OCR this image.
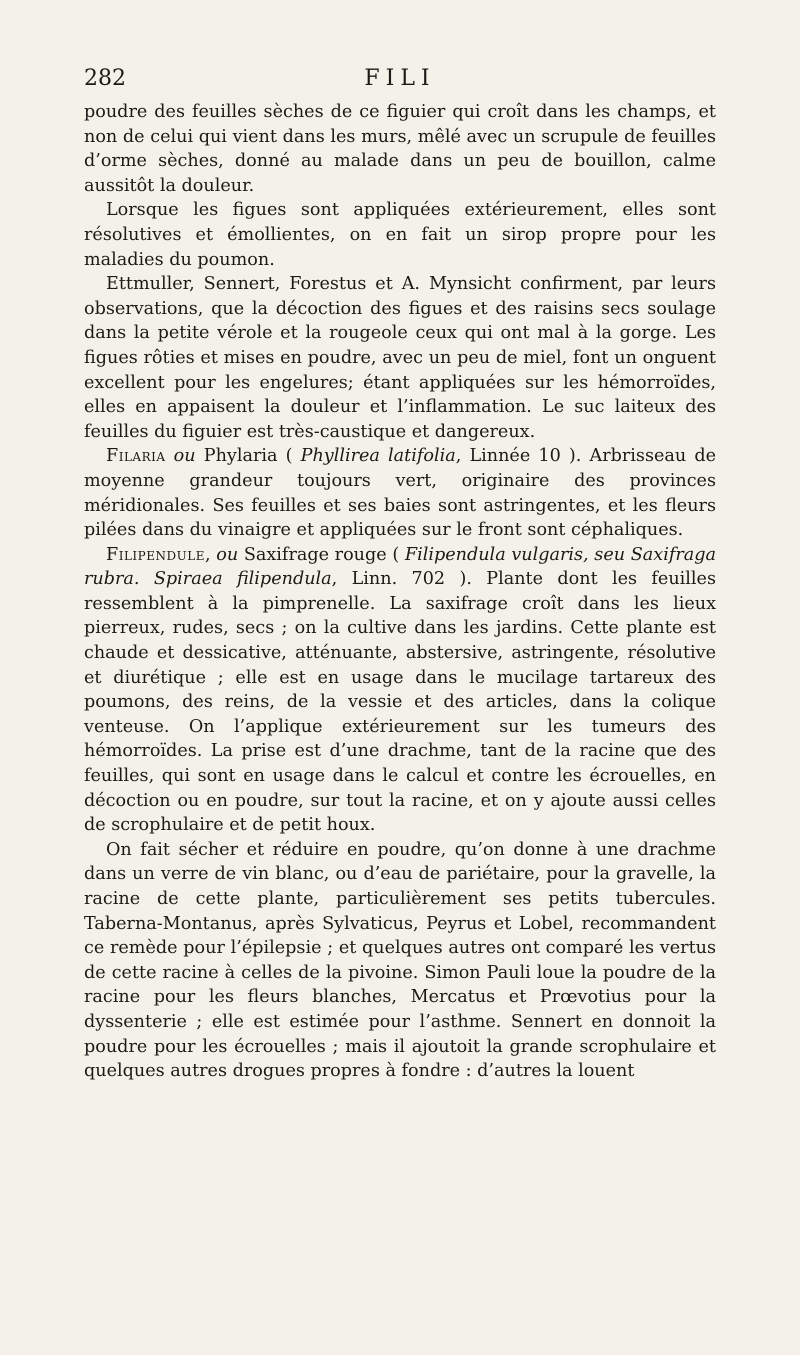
282	FILI

poudre des feuilles sèches de ce figuier qui croît dans les champs, et non de celui qui vient dans les murs, mêlé avec un scrupule de feuilles d’orme sèches, donné au malade dans un peu de bouillon, calme aussitôt la douleur.

Lorsque les figues sont appliquées extérieurement, elles sont résolutives et émollientes, on en fait un sirop propre pour les maladies du poumon.

Ettmuller, Sennert, Forestus et A. Mynsicht confirment, par leurs observations, que la décoction des figues et des raisins secs soulage dans la petite vérole et la rougeole ceux qui ont mal à la gorge. Les figues rôties et mises en poudre, avec un peu de miel, font un onguent excellent pour les engelures; étant appliquées sur les hémorroïdes, elles en appaisent la douleur et l’inflammation. Le suc laiteux des feuilles du figuier est très-caustique et dangereux.

Filaria ou Phylaria ( Phyllirea latifolia, Linnée 10 ). Arbrisseau de moyenne grandeur toujours vert, originaire des provinces méridionales. Ses feuilles et ses baies sont astringentes, et les fleurs pilées dans du vinaigre et appliquées sur le front sont céphaliques.

Filipendule, ou Saxifrage rouge ( Filipendula vulgaris, seu Saxifraga rubra. Spiraea filipendula, Linn. 702 ). Plante dont les feuilles ressemblent à la pimprenelle. La saxifrage croît dans les lieux pierreux, rudes, secs ; on la cultive dans les jardins. Cette plante est chaude et dessicative, atténuante, abstersive, astringente, résolutive et diurétique ; elle est en usage dans le mucilage tartareux des poumons, des reins, de la vessie et des articles, dans la colique venteuse. On l’applique extérieurement sur les tumeurs des hémorroïdes. La prise est d’une drachme, tant de la racine que des feuilles, qui sont en usage dans le calcul et contre les écrouelles, en décoction ou en poudre, sur tout la racine, et on y ajoute aussi celles de scrophulaire et de petit houx.

On fait sécher et réduire en poudre, qu’on donne à une drachme dans un verre de vin blanc, ou d’eau de pariétaire, pour la gravelle, la racine de cette plante, particulièrement ses petits tubercules. Taberna-Montanus, après Sylvaticus, Peyrus et Lobel, recommandent ce remède pour l’épilepsie ; et quelques autres ont comparé les vertus de cette racine à celles de la pivoine. Simon Pauli loue la poudre de la racine pour les fleurs blanches, Mercatus et Prœvotius pour la dyssenterie ; elle est estimée pour l’asthme. Sennert en donnoit la poudre pour les écrouelles ; mais il ajoutoit la grande scrophulaire et quelques autres drogues propres à fondre : d’autres la louent
